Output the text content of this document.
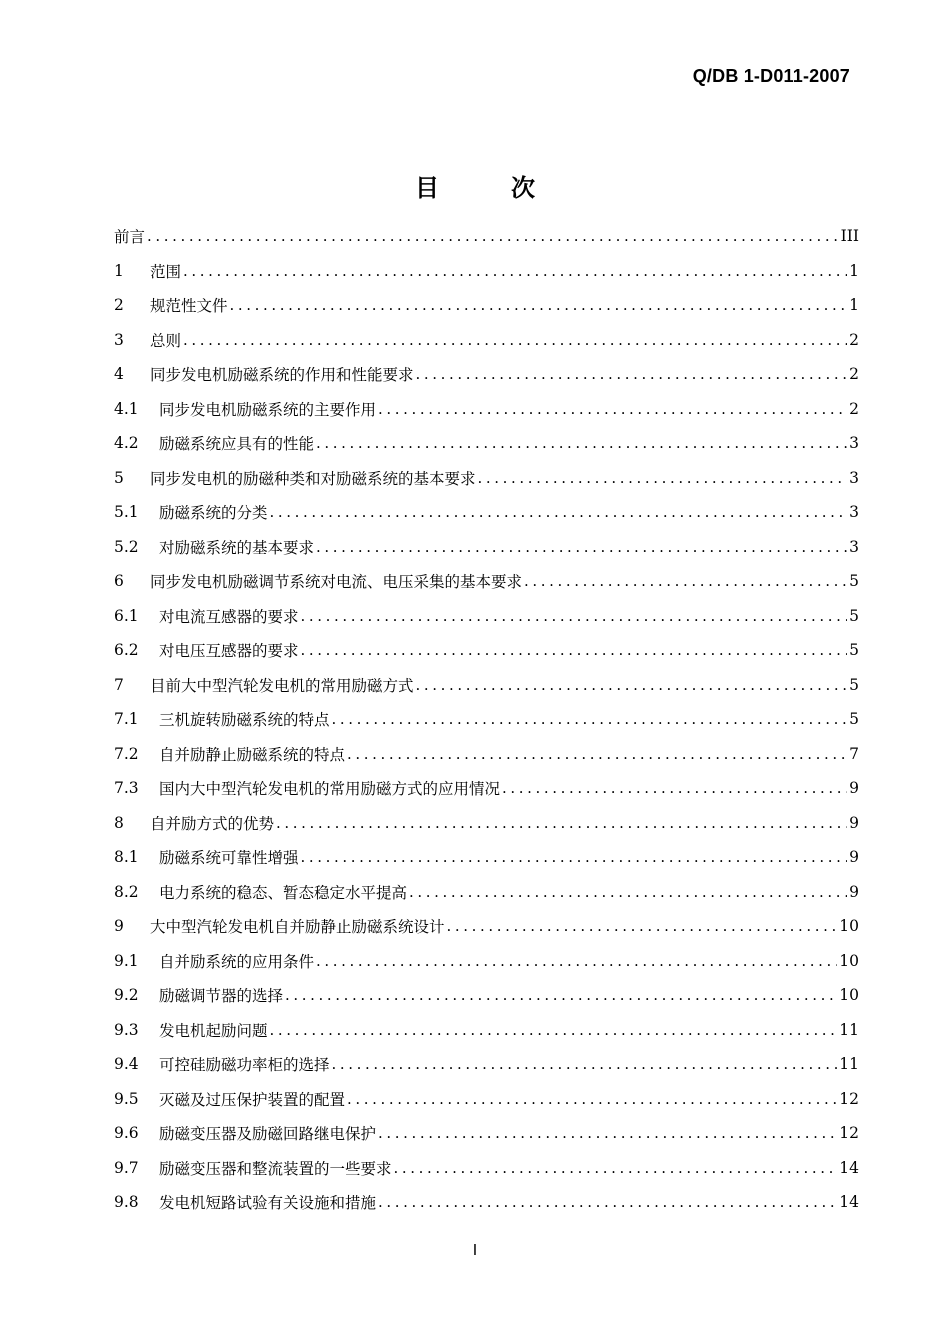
Q/DB 1-D011-2007
目次
前言 .....	III
1	范围 .....	1
2	规范性文件 .....	1
3	总则 .....	2
4	同步发电机励磁系统的作用和性能要求 .....	2
4.1	同步发电机励磁系统的主要作用 .....	2
4.2	励磁系统应具有的性能 .....	3
5	同步发电机的励磁种类和对励磁系统的基本要求 .....	3
5.1	励磁系统的分类 .....	3
5.2	对励磁系统的基本要求 .....	3
6	同步发电机励磁调节系统对电流、电压采集的基本要求 .....	5
6.1	对电流互感器的要求 .....	5
6.2	对电压互感器的要求 .....	5
7	目前大中型汽轮发电机的常用励磁方式 .....	5
7.1	三机旋转励磁系统的特点 .....	5
7.2	自并励静止励磁系统的特点 .....	7
7.3	国内大中型汽轮发电机的常用励磁方式的应用情况 .....	9
8	自并励方式的优势 .....	9
8.1	励磁系统可靠性增强 .....	9
8.2	电力系统的稳态、暂态稳定水平提高 .....	9
9	大中型汽轮发电机自并励静止励磁系统设计 .....	10
9.1	自并励系统的应用条件 .....	10
9.2	励磁调节器的选择 .....	10
9.3	发电机起励问题 .....	11
9.4	可控硅励磁功率柜的选择 .....	11
9.5	灭磁及过压保护装置的配置 .....	12
9.6	励磁变压器及励磁回路继电保护 .....	12
9.7	励磁变压器和整流装置的一些要求 .....	14
9.8	发电机短路试验有关设施和措施 .....	14
I
